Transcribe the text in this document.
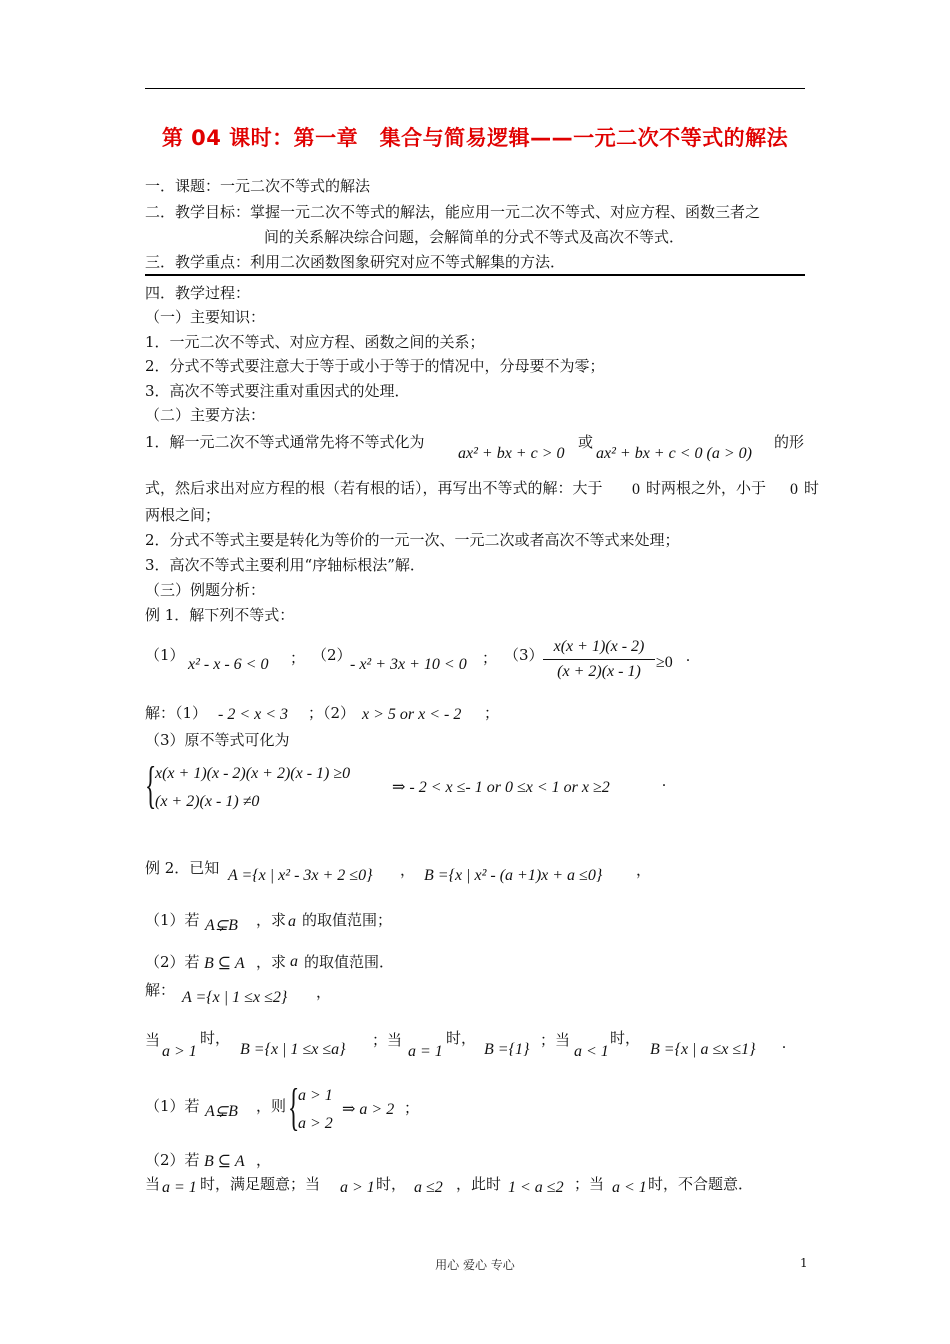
第 04 课时：第一章　集合与简易逻辑——一元二次不等式的解法
一．课题：一元二次不等式的解法
二．教学目标：掌握一元二次不等式的解法，能应用一元二次不等式、对应方程、函数三者之
间的关系解决综合问题，会解简单的分式不等式及高次不等式．
三．教学重点：利用二次函数图象研究对应不等式解集的方法．
四．教学过程：
（一）主要知识：
1．一元二次不等式、对应方程、函数之间的关系；
2．分式不等式要注意大于等于或小于等于的情况中，分母要不为零；
3．高次不等式要注重对重因式的处理．
（二）主要方法：
1．解一元二次不等式通常先将不等式化为
ax² + bx + c > 0
或
ax² + bx + c < 0 (a > 0)
的形
式，然后求出对应方程的根（若有根的话），再写出不等式的解：大于 0 时两根之外，小于 0 时
两根之间；
2．分式不等式主要是转化为等价的一元一次、一元二次或者高次不等式来处理；
3．高次不等式主要利用“序轴标根法”解．
（三）例题分析：
例 1．解下列不等式：
（1）
x² - x - 6 < 0 ； （2）
- x² + 3x + 10 < 0 ； （3） x(x + 1)(x - 2)
(x + 2)(x - 1)
≥0 .
解：（1） - 2 < x < 3 ；（2） x > 5 or x < - 2 ；
（3）原不等式可化为
{
x(x + 1)(x - 2)(x + 2)(x - 1) ≥0
(x + 2)(x - 1) ≠0
⇒ - 2 < x ≤- 1 or 0 ≤x < 1 or x ≥2	.
例 2．已知 A ={x | x² - 3x + 2 ≤0} ， B ={x | x² - (a +1)x + a ≤0} ，
（1）若 A⊊B ，求 a 的取值范围；
（2）若 B ⊆ A ，求 a 的取值范围．
解： A ={x | 1 ≤x ≤2} ，
当
a > 1
时，
B ={x | 1 ≤x ≤a}
；当
a = 1
时，
B ={1}
；当
a < 1
时，
B ={x | a ≤x ≤1} .
（1）若 A⊊B ，则 {
a > 1
a > 2
⇒ a > 2 ；
（2）若 B ⊆ A ，
当 a = 1 时，满足题意；当 a > 1 时， a ≤2 ，此时 1 < a ≤2 ；当 a < 1 时，不合题意．
用心 爱心 专心	1
